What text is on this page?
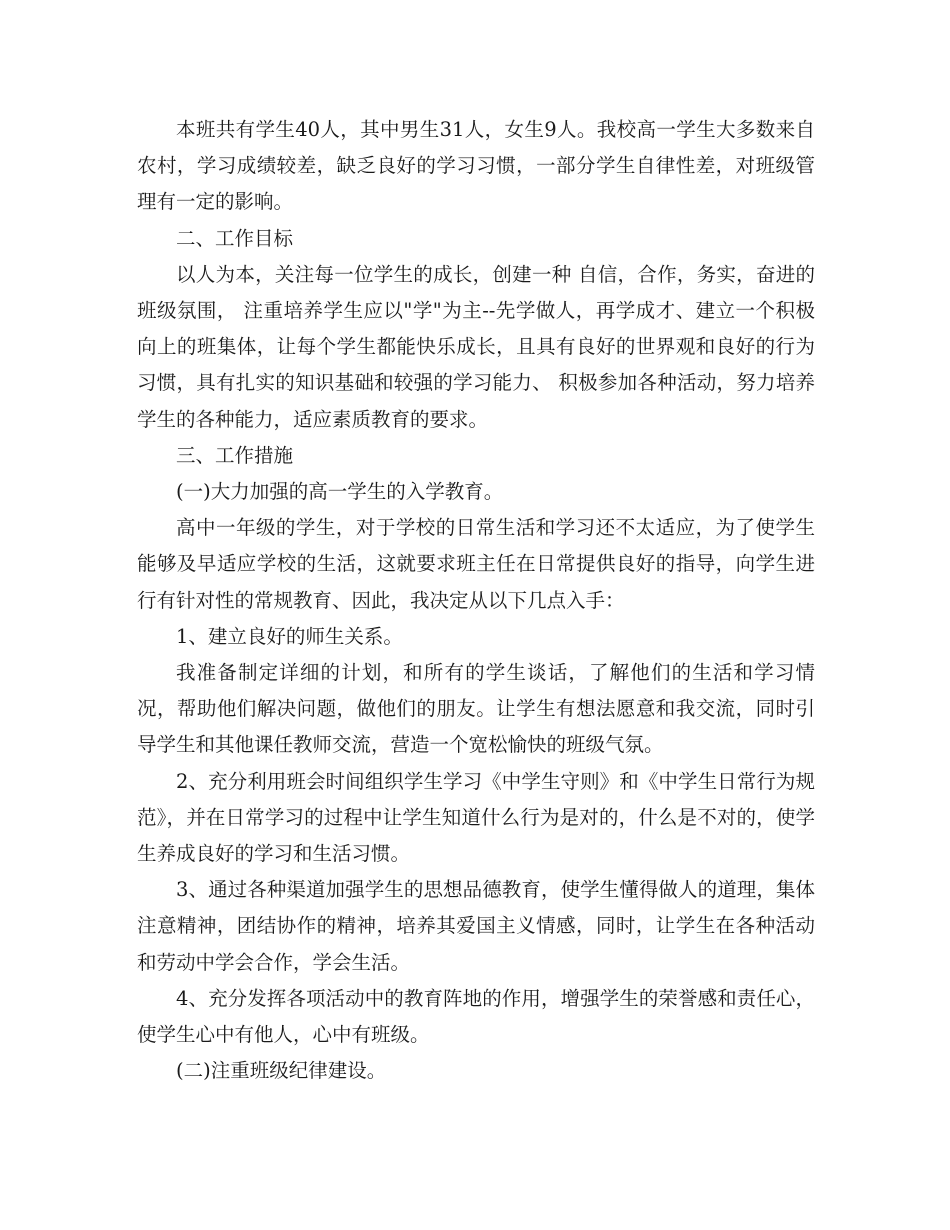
本班共有学生40人，其中男生31人，女生9人。我校高一学生大多数来自农村，学习成绩较差，缺乏良好的学习习惯，一部分学生自律性差，对班级管理有一定的影响。

二、工作目标

以人为本，关注每一位学生的成长，创建一种 自信，合作，务实，奋进的班级氛围， 注重培养学生应以"学"为主--先学做人，再学成才、建立一个积极向上的班集体，让每个学生都能快乐成长，且具有良好的世界观和良好的行为习惯，具有扎实的知识基础和较强的学习能力、 积极参加各种活动，努力培养学生的各种能力，适应素质教育的要求。

三、工作措施

(一)大力加强的高一学生的入学教育。

高中一年级的学生，对于学校的日常生活和学习还不太适应，为了使学生能够及早适应学校的生活，这就要求班主任在日常提供良好的指导，向学生进行有针对性的常规教育、因此，我决定从以下几点入手：

1、建立良好的师生关系。

我准备制定详细的计划，和所有的学生谈话，了解他们的生活和学习情况，帮助他们解决问题，做他们的朋友。让学生有想法愿意和我交流，同时引导学生和其他课任教师交流，营造一个宽松愉快的班级气氛。

2、充分利用班会时间组织学生学习《中学生守则》和《中学生日常行为规范》，并在日常学习的过程中让学生知道什么行为是对的，什么是不对的，使学生养成良好的学习和生活习惯。

3、通过各种渠道加强学生的思想品德教育，使学生懂得做人的道理，集体注意精神，团结协作的精神，培养其爱国主义情感，同时，让学生在各种活动和劳动中学会合作，学会生活。

4、充分发挥各项活动中的教育阵地的作用，增强学生的荣誉感和责任心，使学生心中有他人，心中有班级。

(二)注重班级纪律建设。
